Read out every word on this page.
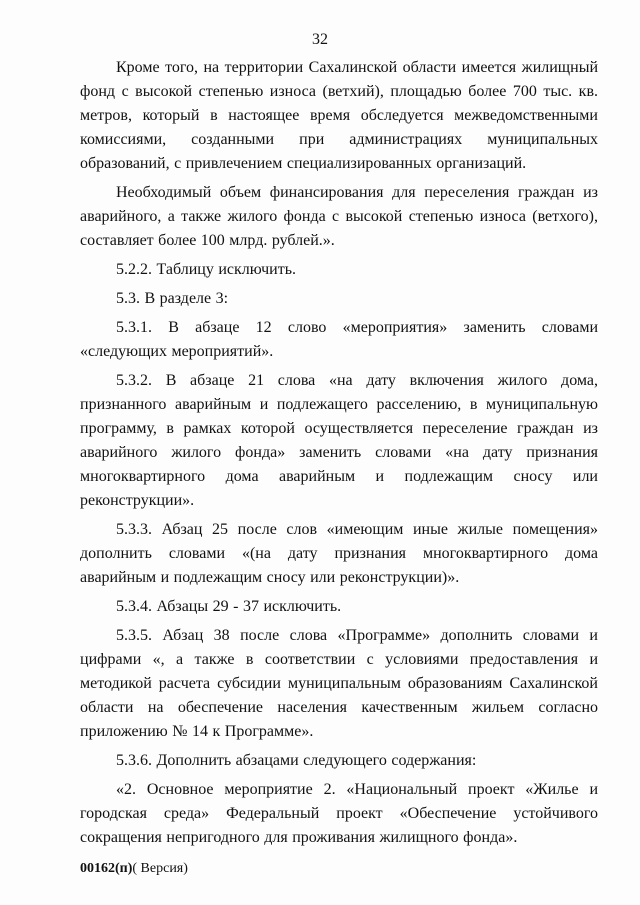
32

Кроме того, на территории Сахалинской области имеется жилищный фонд с высокой степенью износа (ветхий), площадью более 700 тыс. кв. метров, который в настоящее время обследуется межведомственными комиссиями, созданными при администрациях муниципальных образований, с привлечением специализированных организаций.

Необходимый объем финансирования для переселения граждан из аварийного, а также жилого фонда с высокой степенью износа (ветхого), составляет более 100 млрд. рублей.».

5.2.2. Таблицу исключить.

5.3. В разделе 3:

5.3.1. В абзаце 12 слово «мероприятия» заменить словами «следующих мероприятий».

5.3.2. В абзаце 21 слова «на дату включения жилого дома, признанного аварийным и подлежащего расселению, в муниципальную программу, в рамках которой осуществляется переселение граждан из аварийного жилого фонда» заменить словами «на дату признания многоквартирного дома аварийным и подлежащим сносу или реконструкции».

5.3.3. Абзац 25 после слов «имеющим иные жилые помещения» дополнить словами «(на дату признания многоквартирного дома аварийным и подлежащим сносу или реконструкции)».

5.3.4. Абзацы 29 - 37 исключить.

5.3.5. Абзац 38 после слова «Программе» дополнить словами и цифрами «, а также в соответствии с условиями предоставления и методикой расчета субсидии муниципальным образованиям Сахалинской области на обеспечение населения качественным жильем согласно приложению № 14 к Программе».

5.3.6. Дополнить абзацами следующего содержания:

«2. Основное мероприятие 2. «Национальный проект «Жилье и городская среда» Федеральный проект «Обеспечение устойчивого сокращения непригодного для проживания жилищного фонда».

00162(п)( Версия)
